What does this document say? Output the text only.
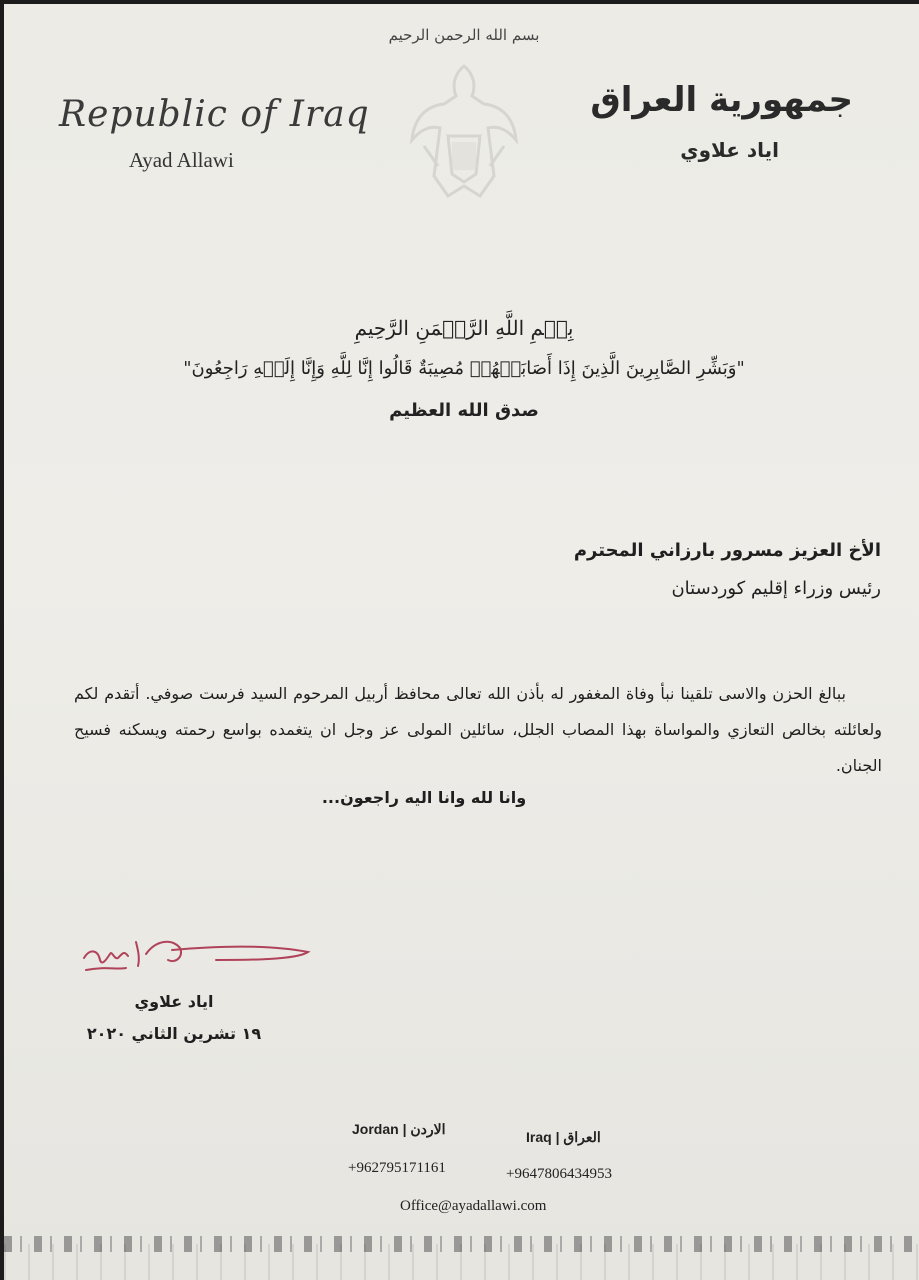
بسم الله الرحمن الرحيم
Republic of Iraq
Ayad Allawi
جمهورية العراق
اياد علاوي
بِسۡمِ اللَّهِ الرَّحۡمَنِ الرَّحِيمِ
"وَبَشِّرِ الصَّابِرِينَ الَّذِينَ إِذَا أَصَابَتۡهُمۡ مُصِيبَةٌ قَالُوا إِنَّا لِلَّهِ وَإِنَّا إِلَيۡهِ رَاجِعُونَ"
صدق الله العظيم
الأخ العزيز مسرور بارزاني المحترم
رئيس وزراء إقليم كوردستان
ببالغ الحزن والاسى تلقينا نبأ وفاة المغفور له بأذن الله تعالى محافظ أربيل المرحوم السيد فرست صوفي. أتقدم لكم ولعائلته بخالص التعازي والمواساة بهذا المصاب الجلل، سائلين المولى عز وجل ان يتغمده بواسع رحمته ويسكنه فسيح الجنان.
وانا لله وانا اليه راجعون...
اياد علاوي
١٩ تشرين الثاني ٢٠٢٠
Jordan | الاردن	Iraq | العراق
+962795171161	+9647806434953
Office@ayadallawi.com
